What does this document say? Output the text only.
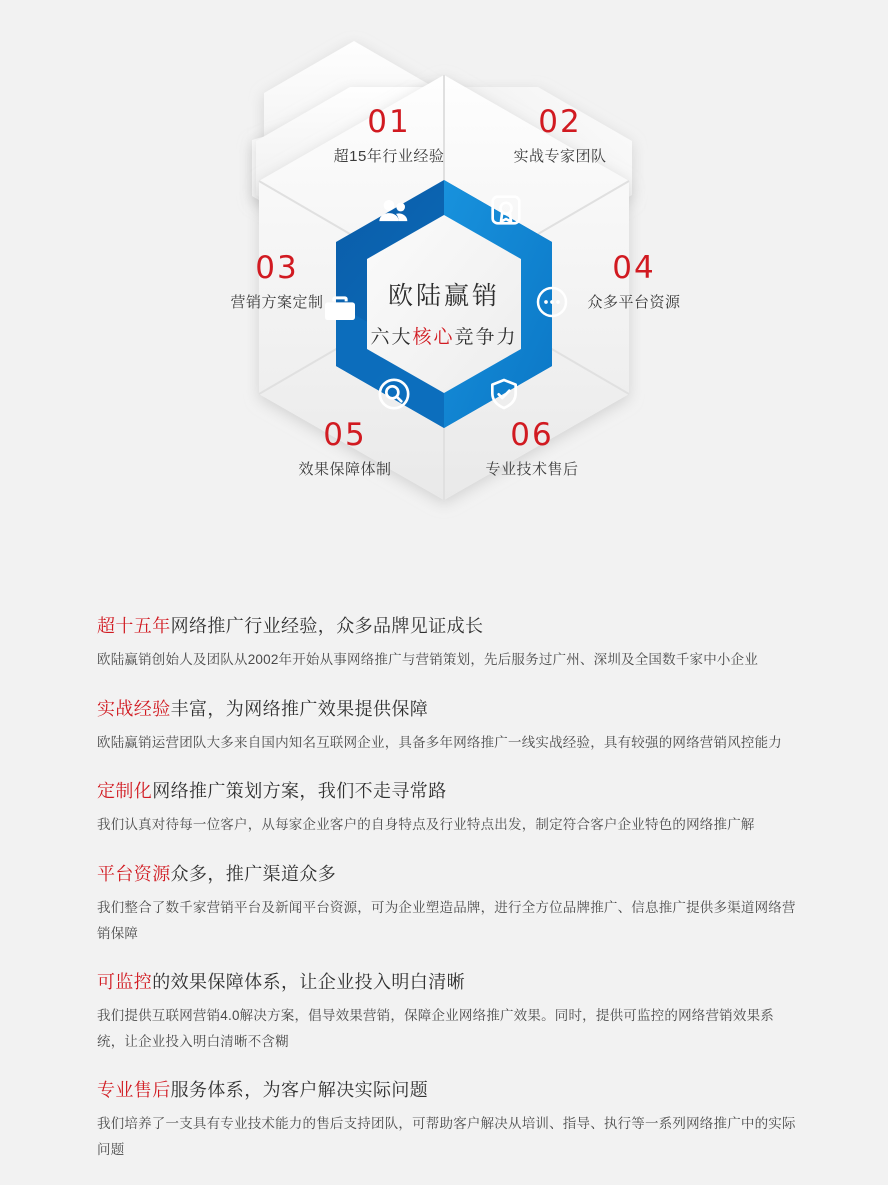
欧陆赢销
六大核心竞争力
01
超15年行业经验
02
实战专家团队
03
营销方案定制
04
众多平台资源
05
效果保障体制
06
专业技术售后
超十五年网络推广行业经验，众多品牌见证成长

欧陆赢销创始人及团队从2002年开始从事网络推广与营销策划，先后服务过广州、深圳及全国数千家中小企业

实战经验丰富，为网络推广效果提供保障

欧陆赢销运营团队大多来自国内知名互联网企业，具备多年网络推广一线实战经验，具有较强的网络营销风控能力

定制化网络推广策划方案，我们不走寻常路

我们认真对待每一位客户，从每家企业客户的自身特点及行业特点出发，制定符合客户企业特色的网络推广解

平台资源众多，推广渠道众多

我们整合了数千家营销平台及新闻平台资源，可为企业塑造品牌，进行全方位品牌推广、信息推广提供多渠道网络营销保障

可监控的效果保障体系，让企业投入明白清晰

我们提供互联网营销4.0解决方案，倡导效果营销，保障企业网络推广效果。同时，提供可监控的网络营销效果系统，让企业投入明白清晰不含糊

专业售后服务体系，为客户解决实际问题

我们培养了一支具有专业技术能力的售后支持团队，可帮助客户解决从培训、指导、执行等一系列网络推广中的实际问题
